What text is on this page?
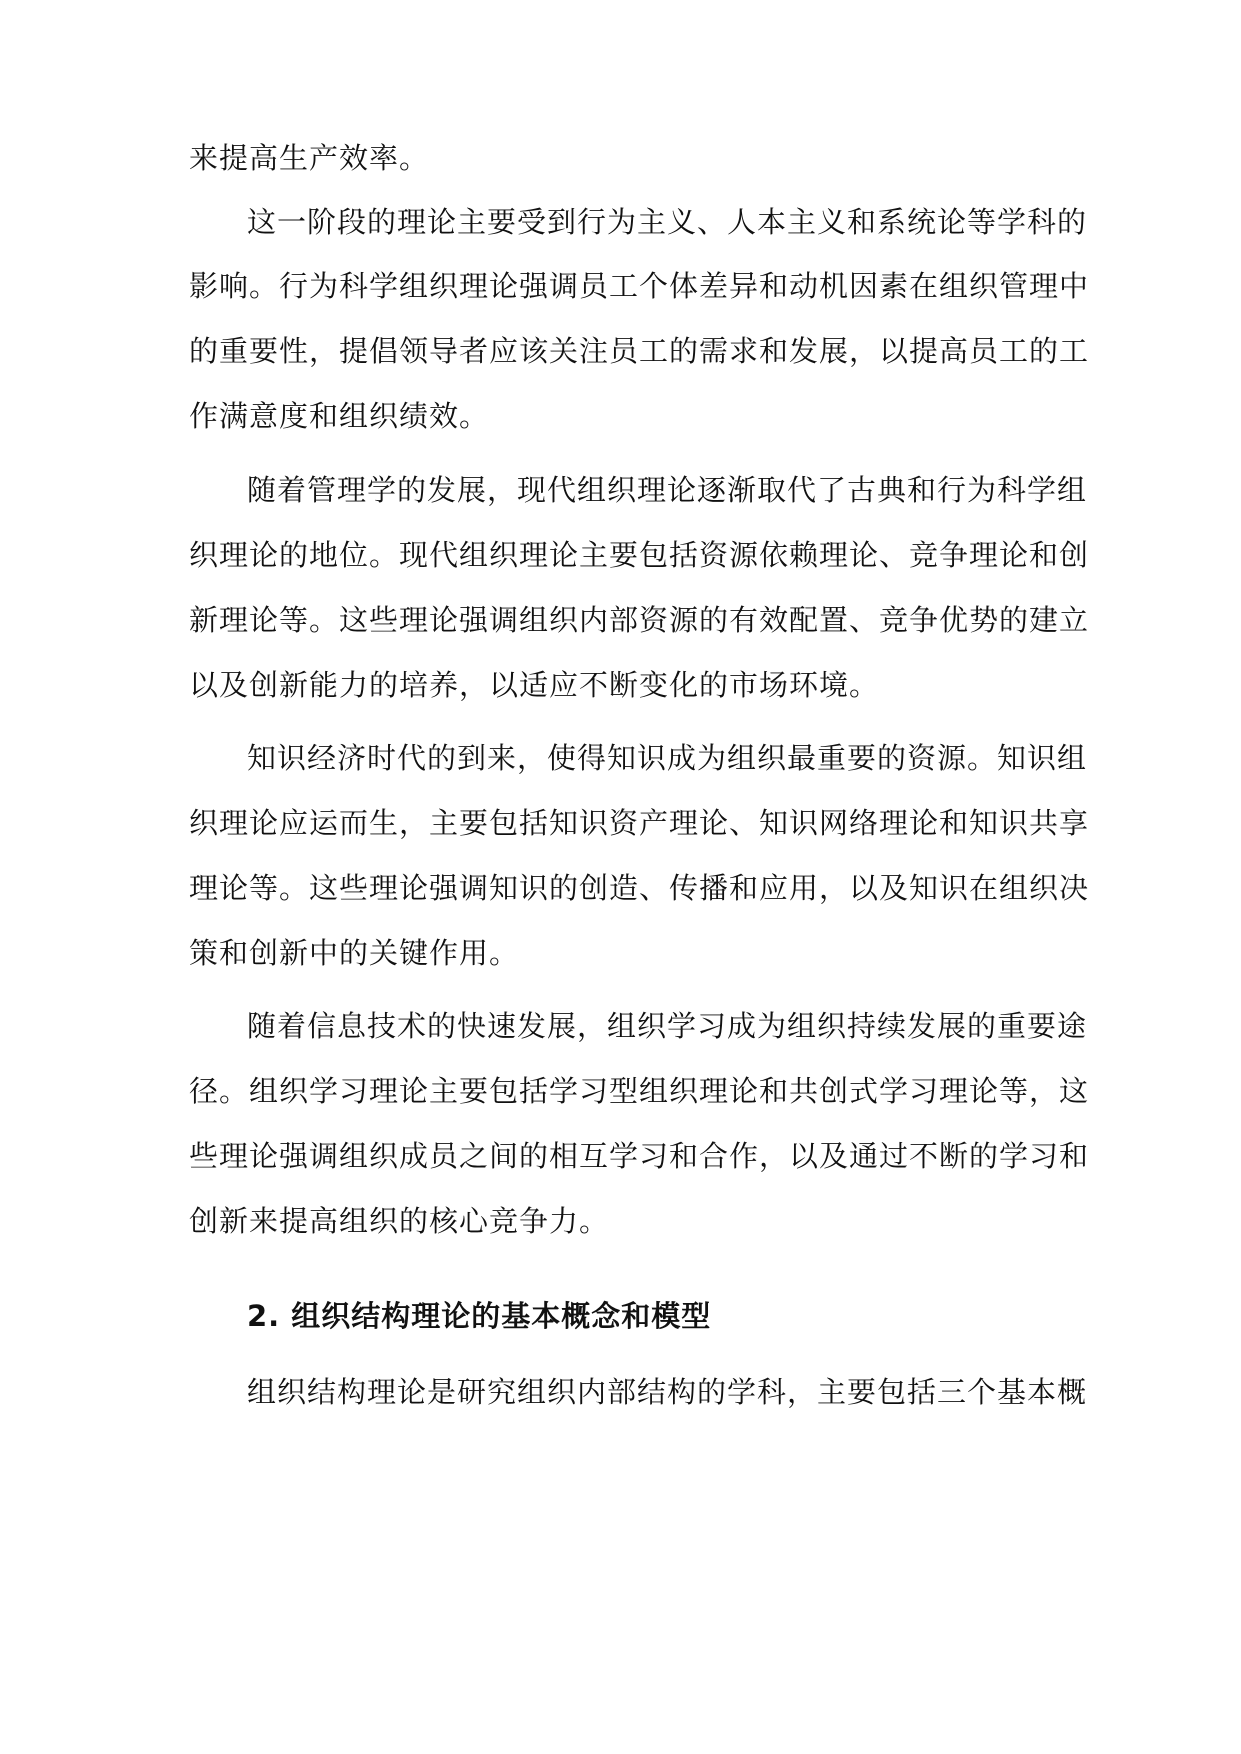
来提高生产效率。
这一阶段的理论主要受到行为主义、人本主义和系统论等学科的
影响。行为科学组织理论强调员工个体差异和动机因素在组织管理中
的重要性，提倡领导者应该关注员工的需求和发展，以提高员工的工
作满意度和组织绩效。
随着管理学的发展，现代组织理论逐渐取代了古典和行为科学组
织理论的地位。现代组织理论主要包括资源依赖理论、竞争理论和创
新理论等。这些理论强调组织内部资源的有效配置、竞争优势的建立
以及创新能力的培养，以适应不断变化的市场环境。
知识经济时代的到来，使得知识成为组织最重要的资源。知识组
织理论应运而生，主要包括知识资产理论、知识网络理论和知识共享
理论等。这些理论强调知识的创造、传播和应用，以及知识在组织决
策和创新中的关键作用。
随着信息技术的快速发展，组织学习成为组织持续发展的重要途
径。组织学习理论主要包括学习型组织理论和共创式学习理论等，这
些理论强调组织成员之间的相互学习和合作，以及通过不断的学习和
创新来提高组织的核心竞争力。
2. 组织结构理论的基本概念和模型
组织结构理论是研究组织内部结构的学科，主要包括三个基本概
